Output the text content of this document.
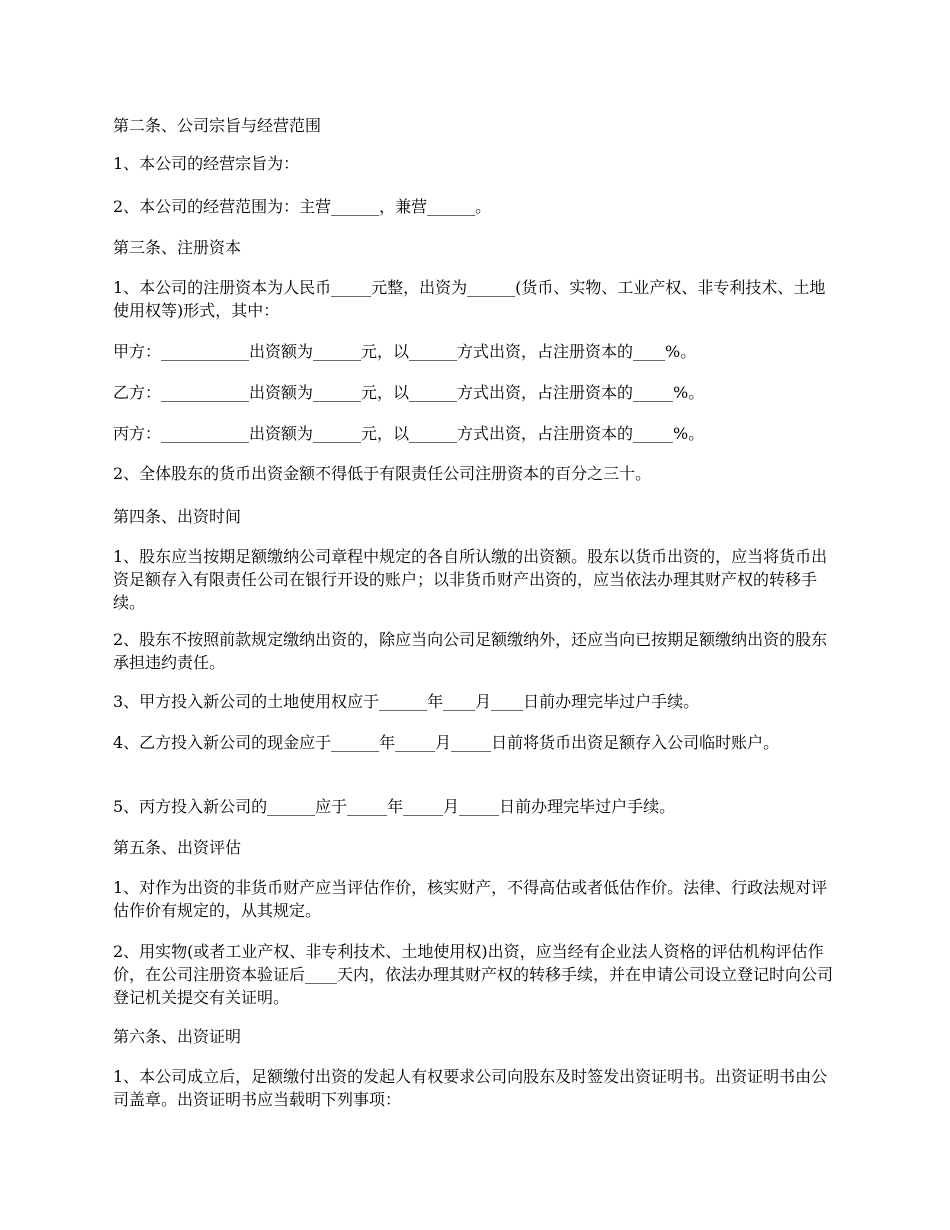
第二条、公司宗旨与经营范围

1、本公司的经营宗旨为：

2、本公司的经营范围为：主营______，兼营______。

第三条、注册资本

1、本公司的注册资本为人民币_____元整，出资为______(货币、实物、工业产权、非专利技术、土地使用权等)形式，其中：

甲方：___________出资额为______元，以______方式出资，占注册资本的____%。

乙方：___________出资额为______元，以______方式出资，占注册资本的_____%。

丙方：___________出资额为______元，以______方式出资，占注册资本的_____%。

2、全体股东的货币出资金额不得低于有限责任公司注册资本的百分之三十。

第四条、出资时间

1、股东应当按期足额缴纳公司章程中规定的各自所认缴的出资额。股东以货币出资的，应当将货币出资足额存入有限责任公司在银行开设的账户；以非货币财产出资的，应当依法办理其财产权的转移手续。

2、股东不按照前款规定缴纳出资的，除应当向公司足额缴纳外，还应当向已按期足额缴纳出资的股东承担违约责任。

3、甲方投入新公司的土地使用权应于______年____月____日前办理完毕过户手续。

4、乙方投入新公司的现金应于______年_____月_____日前将货币出资足额存入公司临时账户。

5、丙方投入新公司的______应于_____年_____月_____日前办理完毕过户手续。

第五条、出资评估

1、对作为出资的非货币财产应当评估作价，核实财产，不得高估或者低估作价。法律、行政法规对评估作价有规定的，从其规定。

2、用实物(或者工业产权、非专利技术、土地使用权)出资，应当经有企业法人资格的评估机构评估作价，在公司注册资本验证后____天内，依法办理其财产权的转移手续，并在申请公司设立登记时向公司登记机关提交有关证明。

第六条、出资证明

1、本公司成立后，足额缴付出资的发起人有权要求公司向股东及时签发出资证明书。出资证明书由公司盖章。出资证明书应当载明下列事项：
